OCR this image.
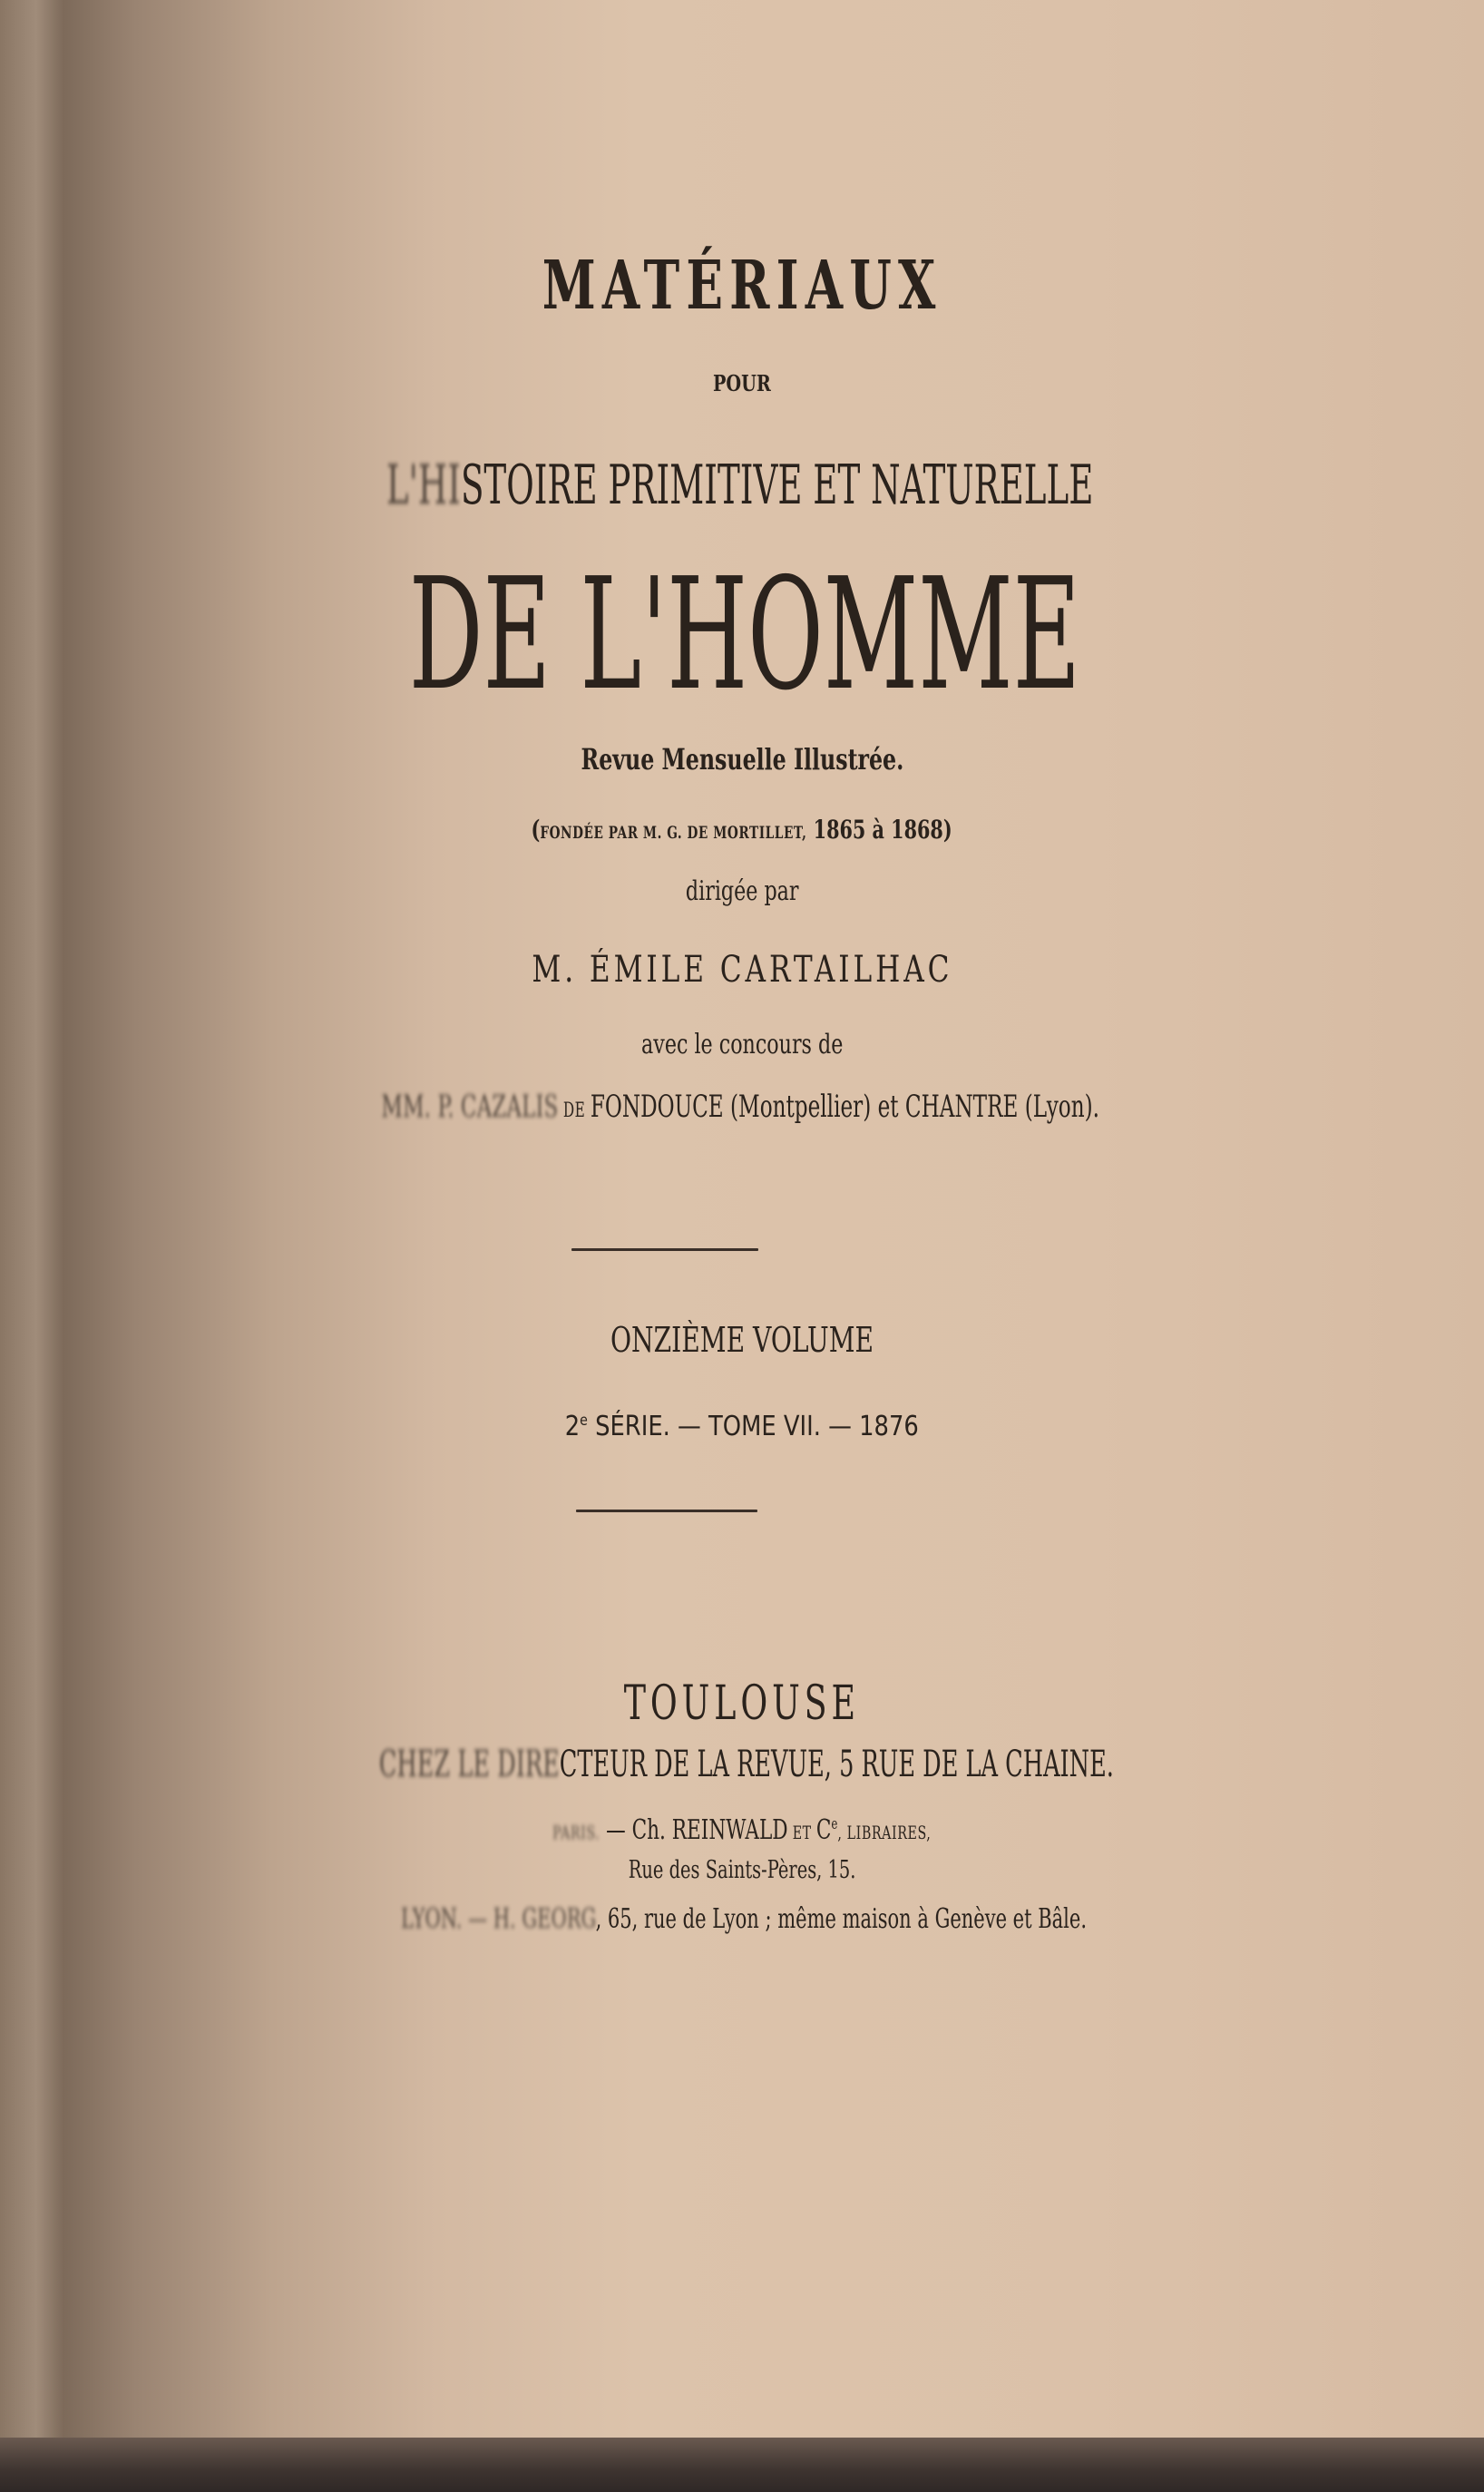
MATÉRIAUX
POUR
L'HISTOIRE PRIMITIVE ET NATURELLE
DE L'HOMME
Revue Mensuelle Illustrée.
(FONDÉE PAR M. G. DE MORTILLET, 1865 à 1868)
dirigée par
M. ÉMILE CARTAILHAC
avec le concours de
MM. P. CAZALIS DE FONDOUCE (Montpellier) et CHANTRE (Lyon).
ONZIÈME VOLUME
2e SÉRIE. — TOME VII. — 1876
TOULOUSE
CHEZ LE DIRECTEUR DE LA REVUE, 5 RUE DE LA CHAINE.
PARIS. — Ch. REINWALD ET Ce, LIBRAIRES,
Rue des Saints-Pères, 15.
LYON. — H. GEORG, 65, rue de Lyon ; même maison à Genève et Bâle.
